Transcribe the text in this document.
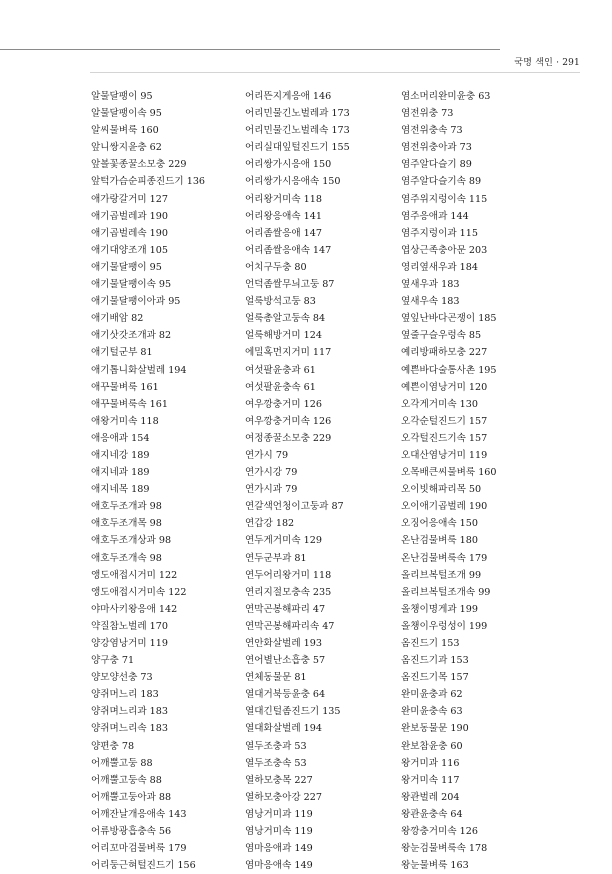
국명 색인 · 291
알물달팽이 95
알물달팽이속 95
알씨물벼룩 160
앞니쌍지윤충 62
앞볼꽃종꿀소모충 229
앞턱가슴순피종진드기 136
애가랑갈거미 127
애기곱벌레과 190
애기곱벌레속 190
애기대양조개 105
애기물달팽이 95
애기물달팽이속 95
애기물달팽이아과 95
애기배암 82
애기삿갓조개과 82
애기털군부 81
애기톱니화살벌레 194
애꾸물벼룩 161
애꾸물벼룩속 161
애왕거미속 118
애응애과 154
애지네강 189
애지네과 189
애지네목 189
애호두조개과 98
애호두조개목 98
애호두조개상과 98
애호두조개속 98
앵도애접시거미 122
앵도애접시거미속 122
야마사키왕응애 142
약질참노벌레 170
양강염낭거미 119
양구충 71
양모양선충 73
양쥐머느리 183
양쥐며느리과 183
양쥐며느리속 183
양편충 78
어깨뿔고둥 88
어깨뿔고둥속 88
어깨뿔고둥아과 88
어깨잔날개응애속 143
어류방광흡충속 56
어리꼬마검물벼룩 179
어리둥근혀털진드기 156
어리뜬지게응애 146
어리민물긴노벌레과 173
어리민물긴노벌레속 173
어리실대잎털진드기 155
어리쌍가시응애 150
어리쌍가시응애속 150
어리왕거미속 118
어리왕응애속 141
어리좀쌀응애 147
어리좀쌀응애속 147
어치구두충 80
언덕좀쌀무늬고둥 87
얼룩방석고둥 83
얼룩총알고둥속 84
얼룩해방거미 124
에밀혹먼지거미 117
여섯팔윤충과 61
여섯팔윤충속 61
여우깡충거미 126
여우깡충거미속 126
여정종꿀소모충 229
연가시 79
연가시강 79
연가시과 79
연갈색언청이고둥과 87
연갑강 182
연두게거미속 129
연두군부과 81
연두어리왕거미 118
연리지절모충속 235
연막곤봉해파리 47
연막곤봉해파리속 47
연안화살벌레 193
연어별난소흡충 57
연체동물문 81
열대거북등윤충 64
열대긴털좀진드기 135
열대화살벌레 194
열두조충과 53
열두조충속 53
열하모충목 227
열하모충아강 227
염낭거미과 119
염낭거미속 119
염마응애과 149
염마응애속 149
염소머리완미윤충 63
염전위충 73
염전위충속 73
염전위충아과 73
염주알다슬기 89
염주알다슬기속 89
염주위지렁이속 115
염주응애과 144
염주지렁이과 115
엽상근족충아문 203
영리옆새우과 184
옆새우과 183
옆새우속 183
옆잎난바다곤쟁이 185
옆줄구슬우렁속 85
예리방패하모충 227
예쁜바다술통사촌 195
예쁜이염낭거미 120
오각게거미속 130
오각순털진드기 157
오각털진드기속 157
오대산염낭거미 119
오목배큰씨물벼룩 160
오이빗해파리목 50
오이애기곱벌레 190
오징어응애속 150
온난검물벼룩 180
온난검물벼룩속 179
올리브복털조개 99
올리브복털조개속 99
올챙이명게과 199
올챙이우렁성이 199
옴진드기 153
옴진드기과 153
옴진드기목 157
완미윤충과 62
완미윤충속 63
완보동물문 190
완보참윤충 60
왕거미과 116
왕거미속 117
왕관벌레 204
왕관윤충속 64
왕깡충거미속 126
왕눈검물벼룩속 178
왕눈물벼룩 163
